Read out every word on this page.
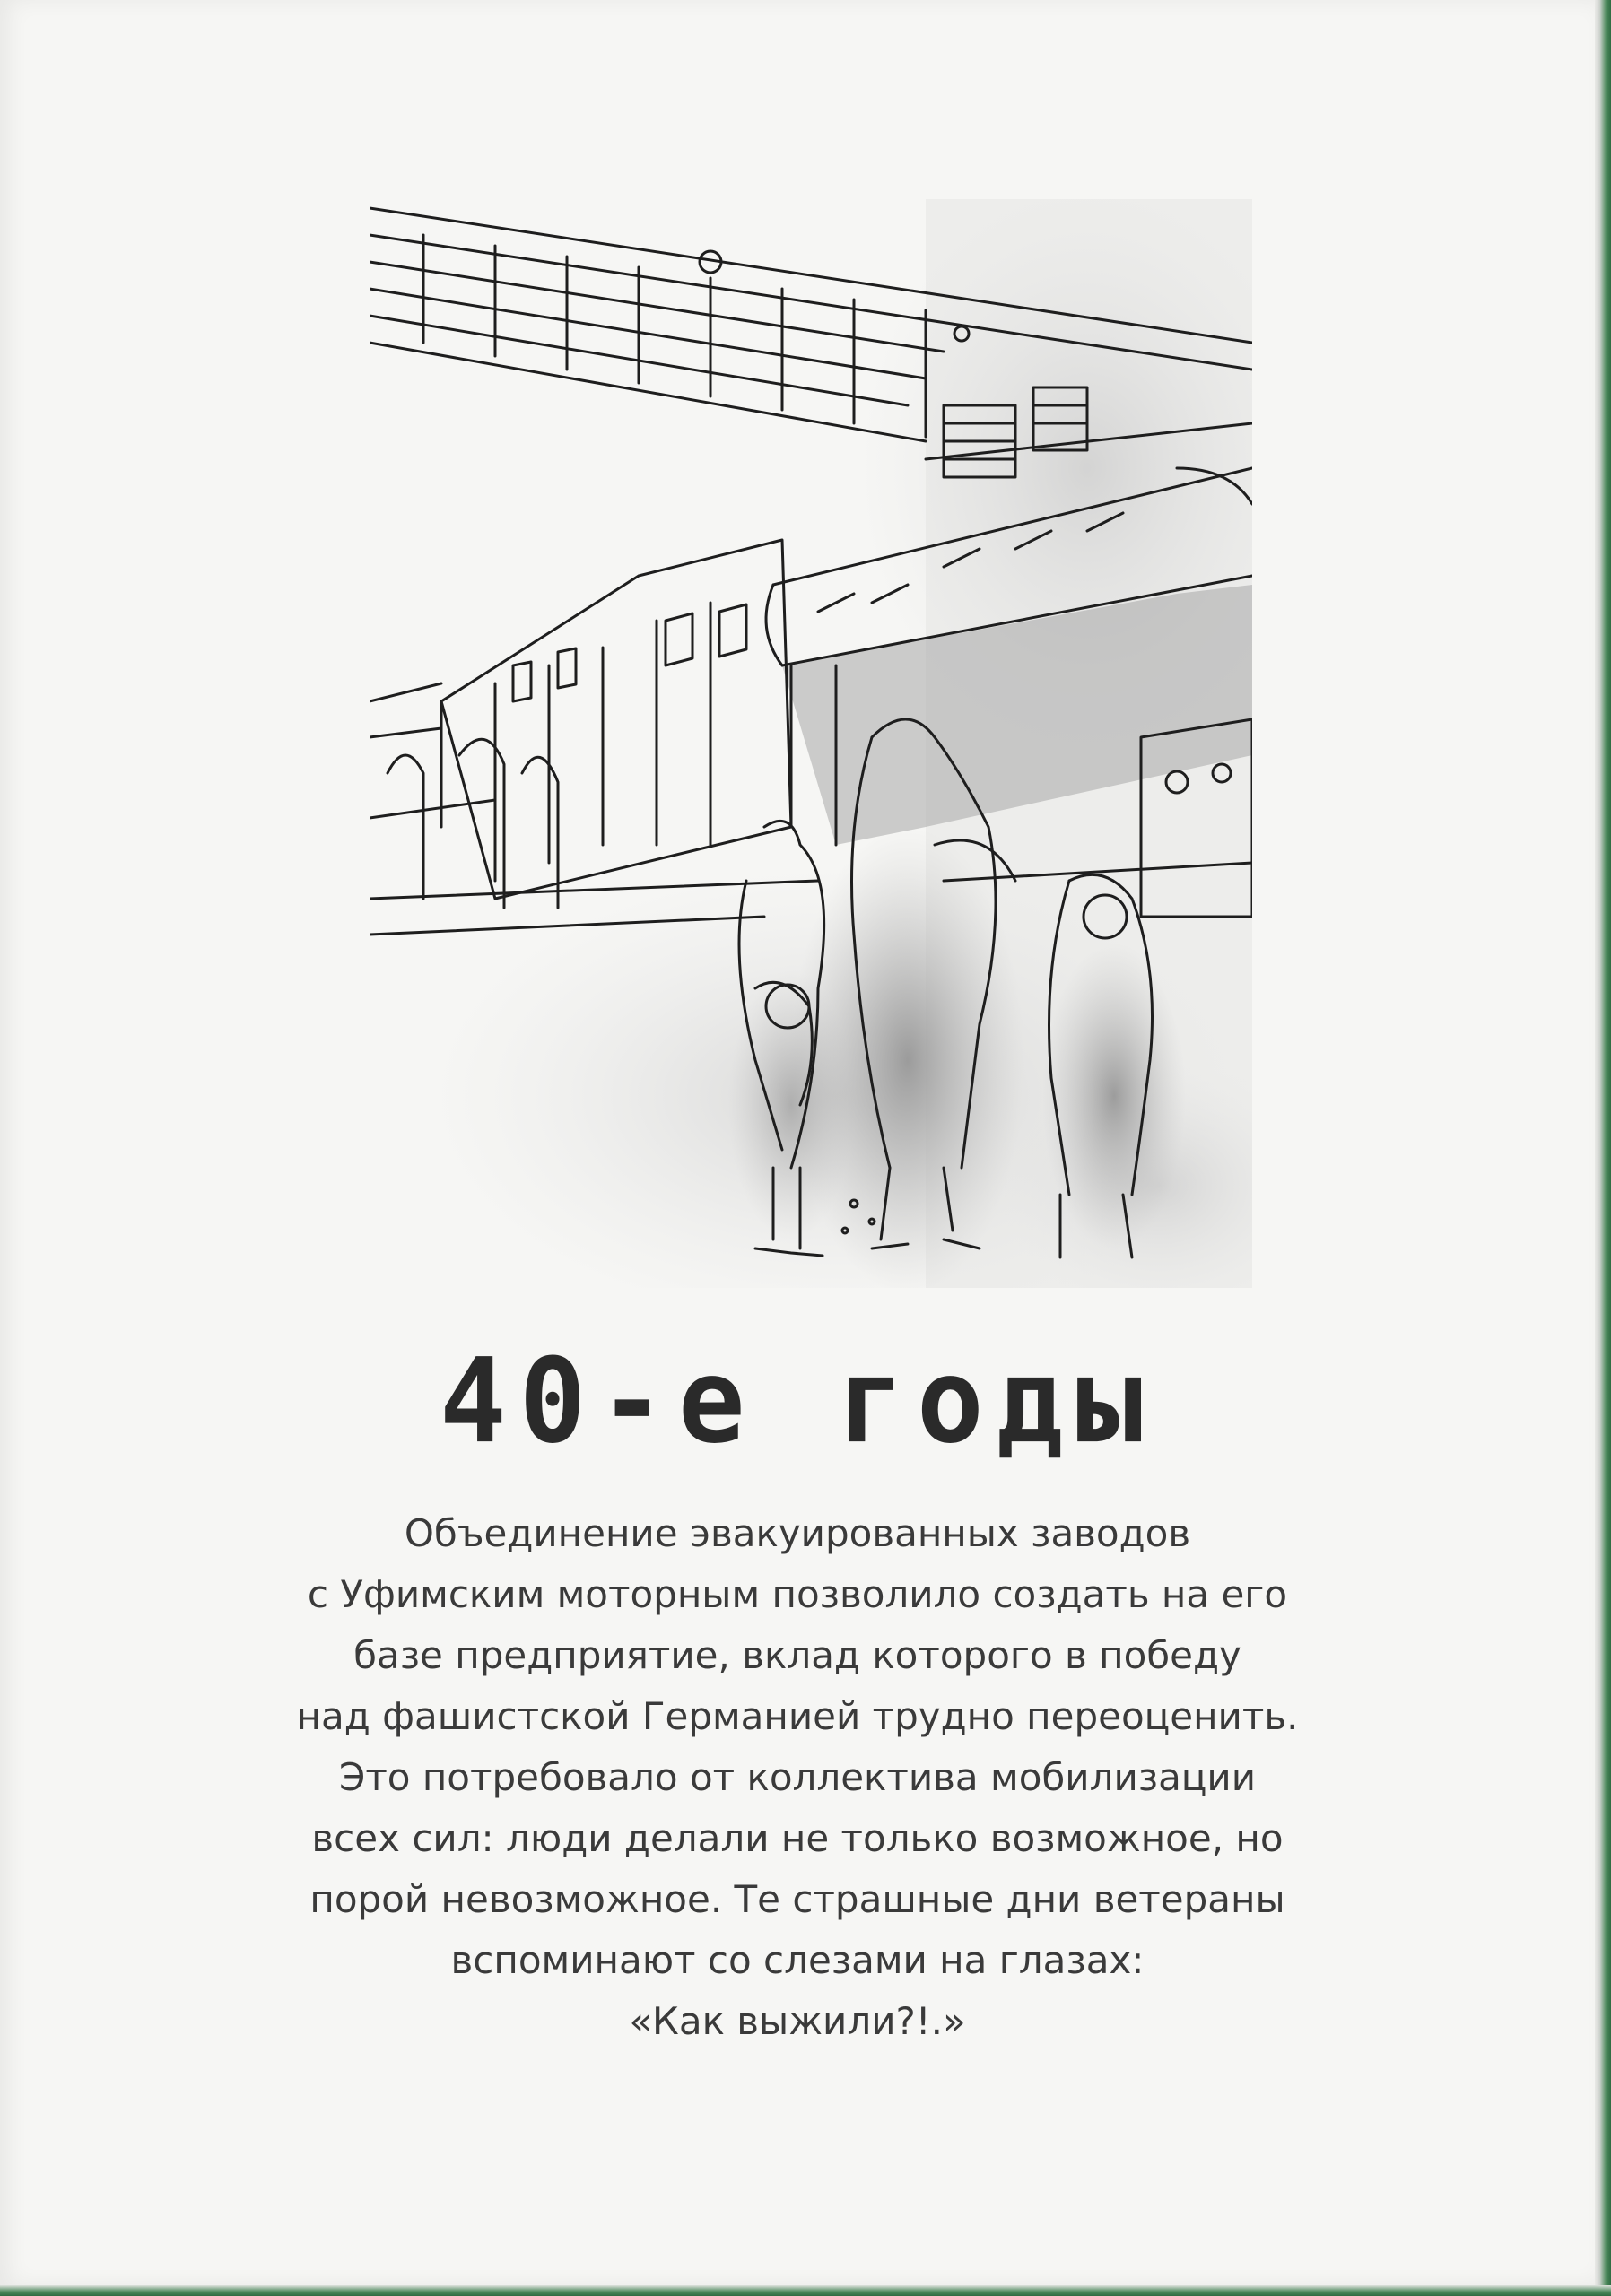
40-е годы
Объединение эвакуированных заводов
с Уфимским моторным позволило создать на его
базе предприятие, вклад которого в победу
над фашистской Германией трудно переоценить.
Это потребовало от коллектива мобилизации
всех сил: люди делали не только возможное, но
порой невозможное. Те страшные дни ветераны
вспоминают со слезами на глазах:
«Как выжили?!.»
